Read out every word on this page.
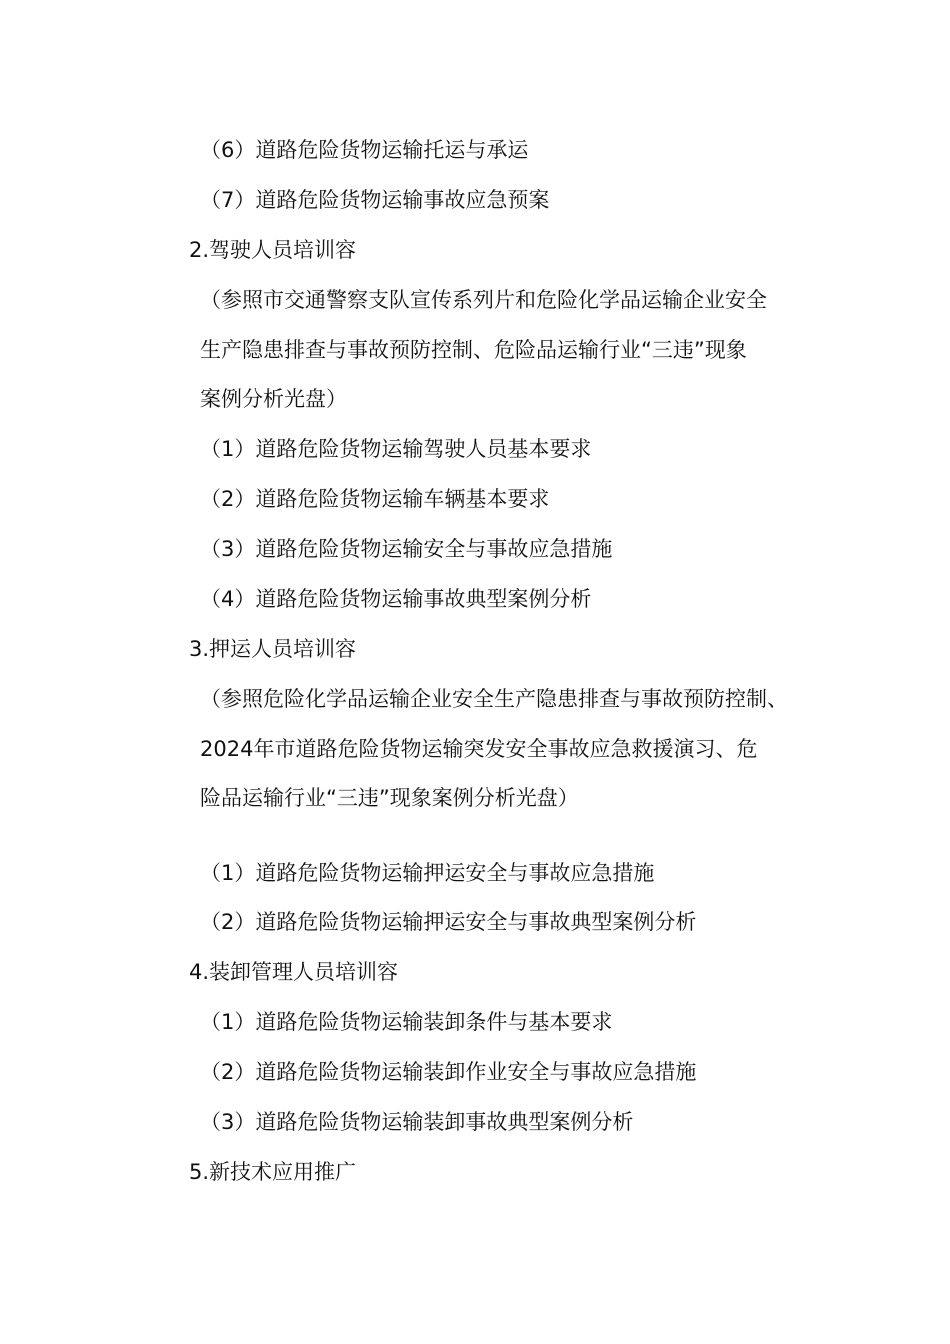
（6）道路危险货物运输托运与承运
（7）道路危险货物运输事故应急预案
2.驾驶人员培训容
（参照市交通警察支队宣传系列片和危险化学品运输企业安全
生产隐患排查与事故预防控制、危险品运输行业“三违”现象
案例分析光盘）
（1）道路危险货物运输驾驶人员基本要求
（2）道路危险货物运输车辆基本要求
（3）道路危险货物运输安全与事故应急措施
（4）道路危险货物运输事故典型案例分析
3.押运人员培训容
（参照危险化学品运输企业安全生产隐患排查与事故预防控制、
2024年市道路危险货物运输突发安全事故应急救援演习、危
险品运输行业“三违”现象案例分析光盘）
（1）道路危险货物运输押运安全与事故应急措施
（2）道路危险货物运输押运安全与事故典型案例分析
4.装卸管理人员培训容
（1）道路危险货物运输装卸条件与基本要求
（2）道路危险货物运输装卸作业安全与事故应急措施
（3）道路危险货物运输装卸事故典型案例分析
5.新技术应用推广
